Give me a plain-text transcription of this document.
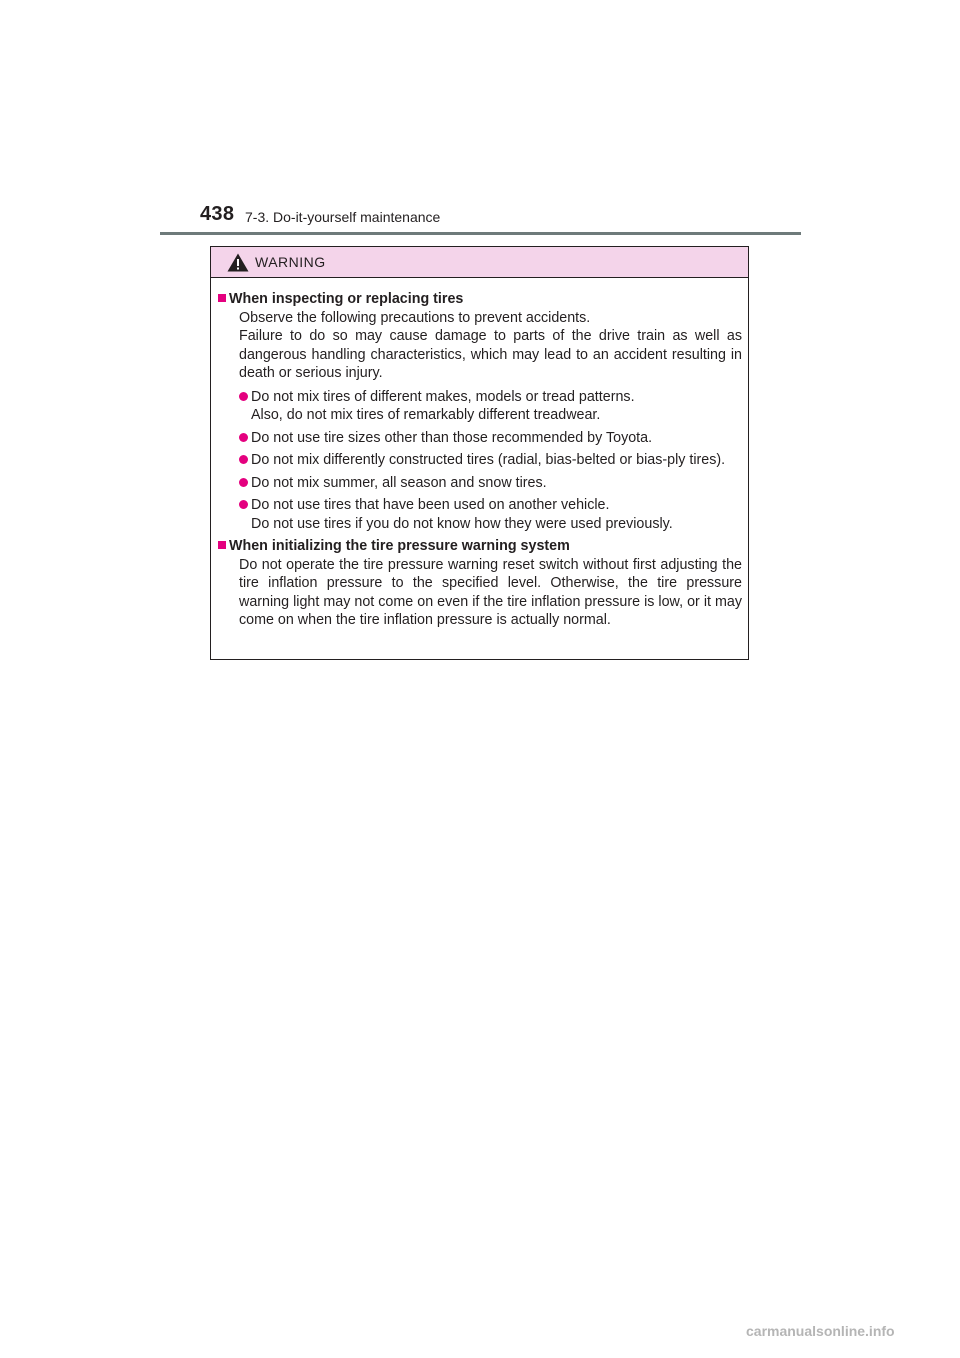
438 7-3. Do-it-yourself maintenance
WARNING

When inspecting or replacing tires

Observe the following precautions to prevent accidents.

Failure to do so may cause damage to parts of the drive train as well as dangerous handling characteristics, which may lead to an accident resulting in death or serious injury.

Do not mix tires of different makes, models or tread patterns.
Also, do not mix tires of remarkably different treadwear.
Do not use tire sizes other than those recommended by Toyota.
Do not mix differently constructed tires (radial, bias-belted or bias-ply tires).
Do not mix summer, all season and snow tires.
Do not use tires that have been used on another vehicle.
Do not use tires if you do not know how they were used previously.

When initializing the tire pressure warning system

Do not operate the tire pressure warning reset switch without first adjusting the tire inflation pressure to the specified level. Otherwise, the tire pressure warning light may not come on even if the tire inflation pressure is low, or it may come on when the tire inflation pressure is actually normal.

carmanualsonline.info
